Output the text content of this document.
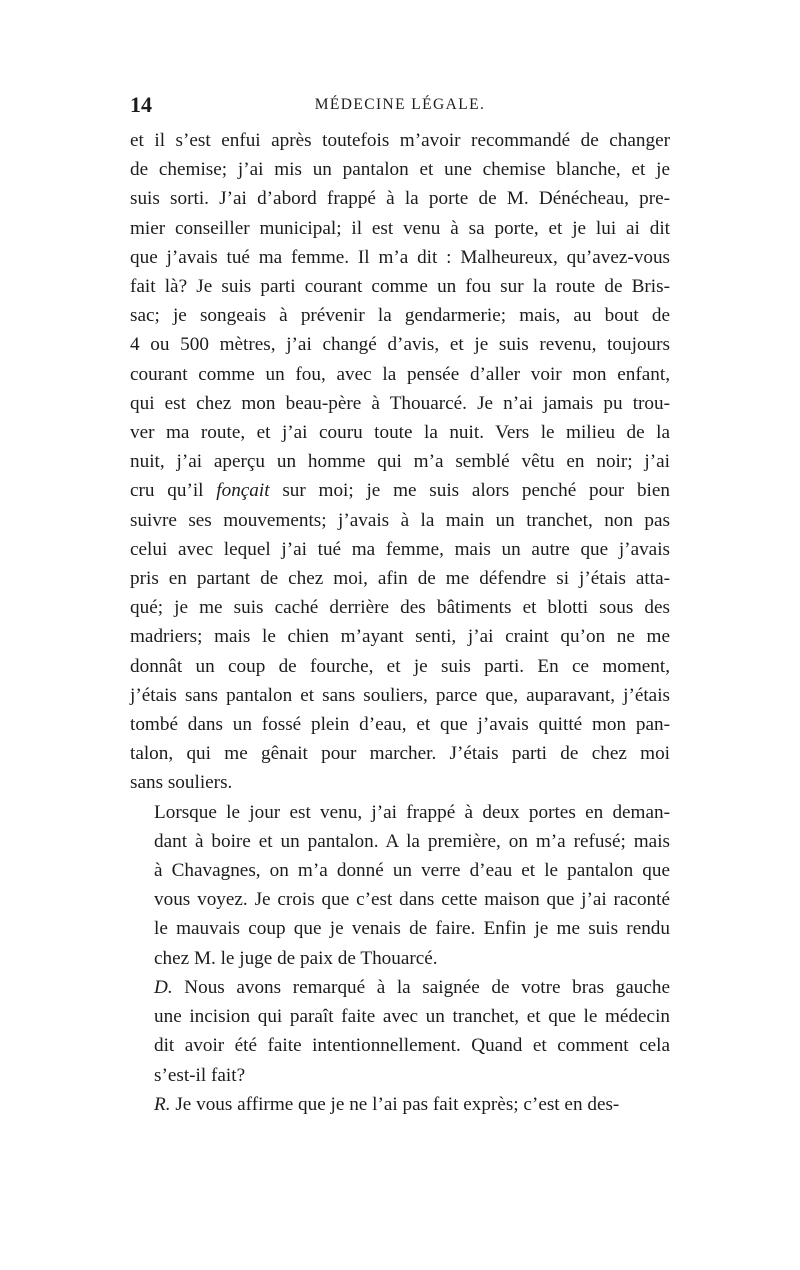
14	MÉDECINE LÉGALE.
et il s’est enfui après toutefois m’avoir recommandé de changer
de chemise; j’ai mis un pantalon et une chemise blanche, et je
suis sorti. J’ai d’abord frappé à la porte de M. Dénécheau, pre-
mier conseiller municipal; il est venu à sa porte, et je lui ai dit
que j’avais tué ma femme. Il m’a dit : Malheureux, qu’avez-vous
fait là? Je suis parti courant comme un fou sur la route de Bris-
sac; je songeais à prévenir la gendarmerie; mais, au bout de
4 ou 500 mètres, j’ai changé d’avis, et je suis revenu, toujours
courant comme un fou, avec la pensée d’aller voir mon enfant,
qui est chez mon beau-père à Thouarcé. Je n’ai jamais pu trou-
ver ma route, et j’ai couru toute la nuit. Vers le milieu de la
nuit, j’ai aperçu un homme qui m’a semblé vêtu en noir; j’ai
cru qu’il fonçait sur moi; je me suis alors penché pour bien
suivre ses mouvements; j’avais à la main un tranchet, non pas
celui avec lequel j’ai tué ma femme, mais un autre que j’avais
pris en partant de chez moi, afin de me défendre si j’étais atta-
qué; je me suis caché derrière des bâtiments et blotti sous des
madriers; mais le chien m’ayant senti, j’ai craint qu’on ne me
donnât un coup de fourche, et je suis parti. En ce moment,
j’étais sans pantalon et sans souliers, parce que, auparavant, j’étais
tombé dans un fossé plein d’eau, et que j’avais quitté mon pan-
talon, qui me gênait pour marcher. J’étais parti de chez moi
sans souliers.
Lorsque le jour est venu, j’ai frappé à deux portes en deman-
dant à boire et un pantalon. A la première, on m’a refusé; mais
à Chavagnes, on m’a donné un verre d’eau et le pantalon que
vous voyez. Je crois que c’est dans cette maison que j’ai raconté
le mauvais coup que je venais de faire. Enfin je me suis rendu
chez M. le juge de paix de Thouarcé.
D. Nous avons remarqué à la saignée de votre bras gauche
une incision qui paraît faite avec un tranchet, et que le médecin
dit avoir été faite intentionnellement. Quand et comment cela
s’est-il fait?
R. Je vous affirme que je ne l’ai pas fait exprès; c’est en des-
